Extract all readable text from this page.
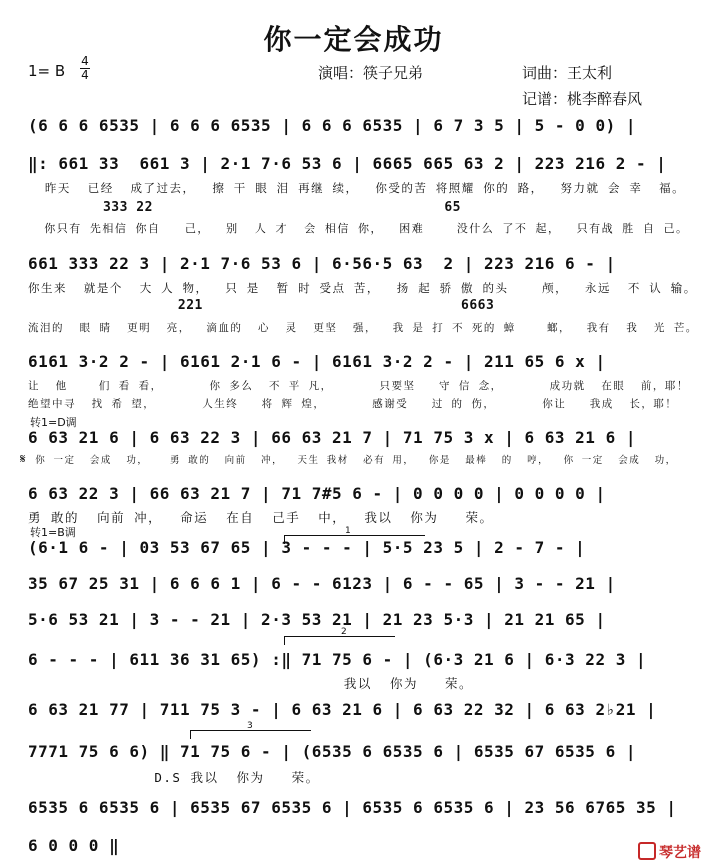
你一定会成功
1= B
4
4	演唱：筷子兄弟	词曲：王太利
记谱：桃李醉春风
(6 6 6 6535 | 6 6 6 6535 | 6 6 6 6535 | 6 7 3 5 | 5 - 0 0) |
‖: 661 33  661 3 | 2·1 7·6 53 6 | 6665 665 63 2 | 223 216 2 - |
昨天  已经  成了过去，  擦 干 眼 泪 再继 续，  你受的苦 将照耀 你的 路，  努力就 会 幸  福。
333 22                                   65
你只有 先相信 你自   己，  别  人 才  会 相信 你，  困难    没什么 了不 起，  只有战 胜 自 己。
661 333 22 3 | 2·1 7·6 53 6 | 6·56·5 63  2 | 223 216 6 - |
你生来  就是个  大 人 物，  只 是  暂 时 受点 苦，  扬 起 骄 傲 的头    颅，  永远  不 认 输。
221                               6663
流泪的  眼 睛  更明  亮，  滴血的  心  灵  更坚  强，  我 是 打 不 死的 蟑    螂，  我有  我  光 芒。
6161 3·2 2 - | 6161 2·1 6 - | 6161 3·2 2 - | 211 65 6 x |
让  他    们 看 看，      你 多么  不 平 凡，      只要坚   守 信 念，      成功就  在眼  前，耶！
绝望中寻  找 希 望，      人生终   将 辉 煌，      感谢受   过 的 伤，      你让   我成  长，耶！
转1=D调
6 63 21 6 | 6 63 22 3 | 66 63 21 7 | 71 75 3 x | 6 63 21 6 |
你 一定  会成  功，   勇 敢的  向前  冲，  天生 我材  必有 用，  你是  最棒  的  哼，  你 一定  会成  功，
𝄋
6 63 22 3 | 66 63 21 7 | 71 7#5 6 - | 0 0 0 0 | 0 0 0 0 |
勇 敢的  向前 冲，  命运  在自  己手  中，  我以  你为   荣。
1
转1=B调
(6·1 6 - | 03 53 67 65 | 3 - - - | 5·5 23 5 | 2 - 7 - |
35 67 25 31 | 6 6 6 1 | 6 - - 6123 | 6 - - 65 | 3 - - 21 |
5·6 53 21 | 3 - - 21 | 2·3 53 21 | 21 23 5·3 | 21 21 65 |
2
6 - - - | 611 36 31 65) :‖ 71 75 6 - | (6·3 21 6 | 6·3 22 3 |
我以  你为   荣。
6 63 21 77 | 711 75 3 - | 6 63 21 6 | 6 63 22 32 | 6 63 2♭21 |
3
7771 75 6 6) ‖ 71 75 6 - | (6535 6 6535 6 | 6535 67 6535 6 |
D.S 我以  你为   荣。
6535 6 6535 6 | 6535 67 6535 6 | 6535 6 6535 6 | 23 56 6765 35 |
6 0 0 0 ‖	琴艺谱
